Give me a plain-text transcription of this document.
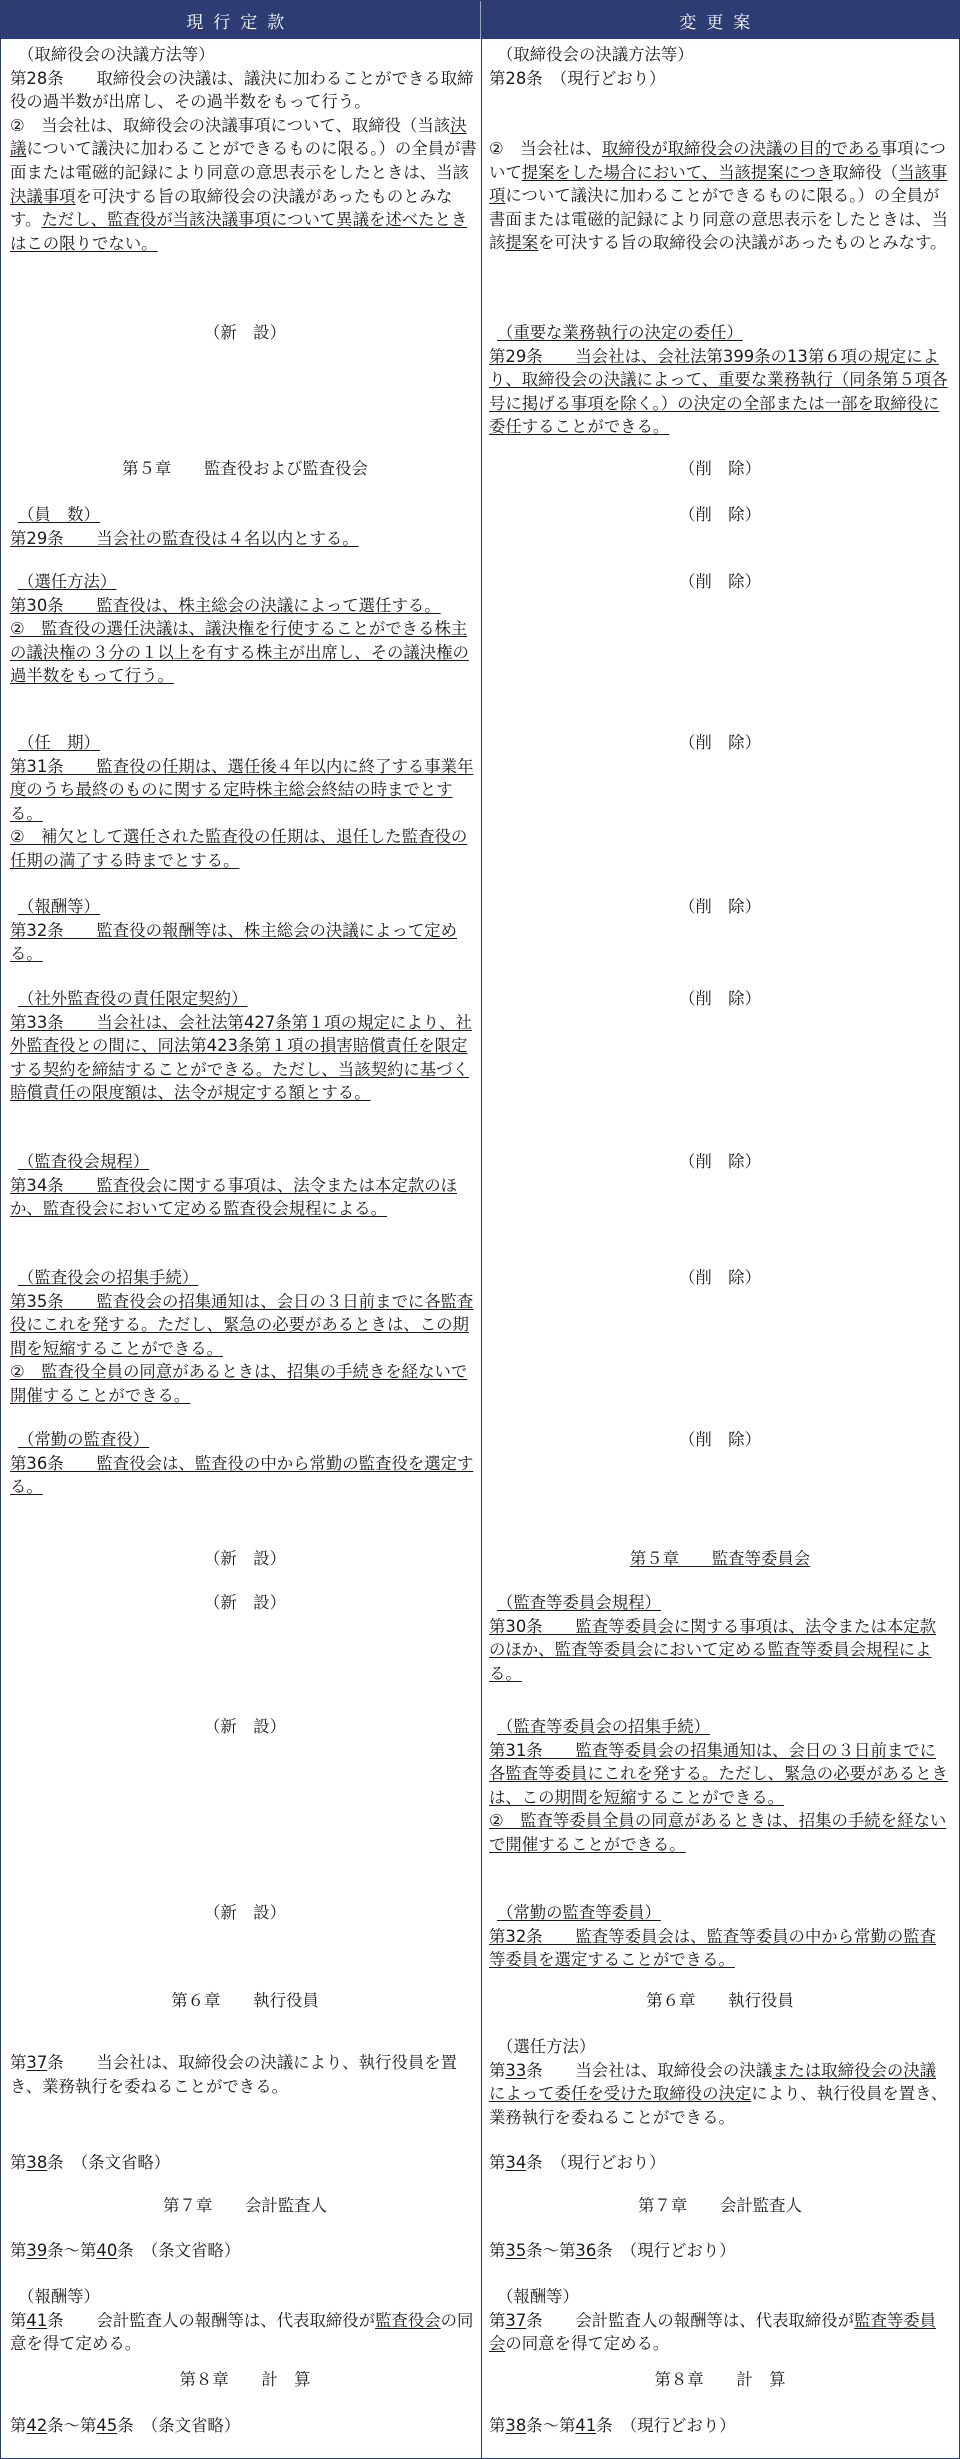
現行定款	変更案

（取締役会の決議方法等）

第28条　　取締役会の決議は、議決に加わることができる取締役の過半数が出席し、その過半数をもって行う。

②　当会社は、取締役会の決議事項について、取締役（当該決議について議決に加わることができるものに限る。）の全員が書面または電磁的記録により同意の意思表示をしたときは、当該決議事項を可決する旨の取締役会の決議があったものとみなす。ただし、監査役が当該決議事項について異議を述べたときはこの限りでない。

（新　設）
第５章　　監査役および監査役会

（員　数）

第29条　　当会社の監査役は４名以内とする。

（選任方法）

第30条　　監査役は、株主総会の決議によって選任する。

②　監査役の選任決議は、議決権を行使することができる株主の議決権の３分の１以上を有する株主が出席し、その議決権の過半数をもって行う。

（任　期）

第31条　　監査役の任期は、選任後４年以内に終了する事業年度のうち最終のものに関する定時株主総会終結の時までとする。

②　補欠として選任された監査役の任期は、退任した監査役の任期の満了する時までとする。

（報酬等）

第32条　　監査役の報酬等は、株主総会の決議によって定める。

（社外監査役の責任限定契約）

第33条　　当会社は、会社法第427条第１項の規定により、社外監査役との間に、同法第423条第１項の損害賠償責任を限定する契約を締結することができる。ただし、当該契約に基づく賠償責任の限度額は、法令が規定する額とする。

（監査役会規程）

第34条　　監査役会に関する事項は、法令または本定款のほか、監査役会において定める監査役会規程による。

（監査役会の招集手続）

第35条　　監査役会の招集通知は、会日の３日前までに各監査役にこれを発する。ただし、緊急の必要があるときは、この期間を短縮することができる。

②　監査役全員の同意があるときは、招集の手続きを経ないで開催することができる。

（常勤の監査役）

第36条　　監査役会は、監査役の中から常勤の監査役を選定する。

（新　設）
（新　設）
（新　設）
（新　設）
第６章　　執行役員

第37条　　当会社は、取締役会の決議により、執行役員を置き、業務執行を委ねることができる。

第38条　（条文省略）

第７章　　会計監査人

第39条～第40条　（条文省略）

（報酬等）

第41条　　会計監査人の報酬等は、代表取締役が監査役会の同意を得て定める。

第８章　　計　算

第42条～第45条　（条文省略）

（取締役会の決議方法等）

第28条　（現行どおり）

②　当会社は、取締役が取締役会の決議の目的である事項について提案をした場合において、当該提案につき取締役（当該事項について議決に加わることができるものに限る。）の全員が書面または電磁的記録により同意の意思表示をしたときは、当該提案を可決する旨の取締役会の決議があったものとみなす。

（重要な業務執行の決定の委任）

第29条　　当会社は、会社法第399条の13第６項の規定により、取締役会の決議によって、重要な業務執行（同条第５項各号に掲げる事項を除く。）の決定の全部または一部を取締役に委任することができる。

（削　除）
（削　除）
（削　除）
（削　除）
（削　除）
（削　除）
（削　除）
（削　除）
（削　除）
第５章　　監査等委員会

（監査等委員会規程）

第30条　　監査等委員会に関する事項は、法令または本定款のほか、監査等委員会において定める監査等委員会規程による。

（監査等委員会の招集手続）

第31条　　監査等委員会の招集通知は、会日の３日前までに各監査等委員にこれを発する。ただし、緊急の必要があるときは、この期間を短縮することができる。

②　監査等委員全員の同意があるときは、招集の手続を経ないで開催することができる。

（常勤の監査等委員）

第32条　　監査等委員会は、監査等委員の中から常勤の監査等委員を選定することができる。

第６章　　執行役員

（選任方法）

第33条　　当会社は、取締役会の決議または取締役会の決議によって委任を受けた取締役の決定により、執行役員を置き、業務執行を委ねることができる。

第34条　（現行どおり）

第７章　　会計監査人

第35条～第36条　（現行どおり）

（報酬等）

第37条　　会計監査人の報酬等は、代表取締役が監査等委員会の同意を得て定める。

第８章　　計　算

第38条～第41条　（現行どおり）
